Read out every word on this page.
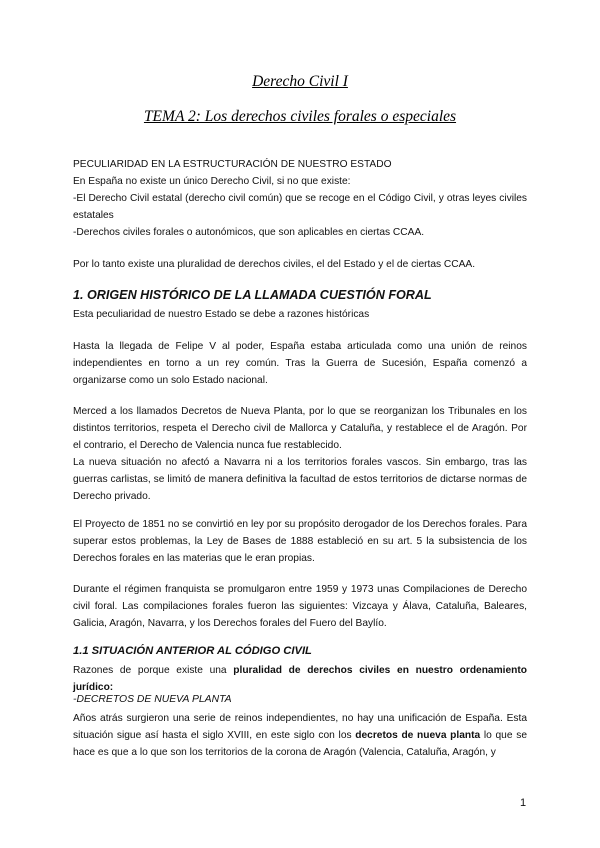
Derecho Civil I
TEMA 2: Los derechos civiles forales o especiales

PECULIARIDAD EN LA ESTRUCTURACIÓN DE NUESTRO ESTADO

En España no existe un único Derecho Civil, si no que existe:

-El Derecho Civil estatal (derecho civil común) que se recoge en el Código Civil, y otras leyes civiles estatales

-Derechos civiles forales o autonómicos, que son aplicables en ciertas CCAA.

Por lo tanto existe una pluralidad de derechos civiles, el del Estado y el de ciertas CCAA.

1. ORIGEN HISTÓRICO DE LA LLAMADA CUESTIÓN FORAL

Esta peculiaridad de nuestro Estado se debe a razones históricas

Hasta la llegada de Felipe V al poder, España estaba articulada como una unión de reinos independientes en torno a un rey común. Tras la Guerra de Sucesión, España comenzó a organizarse como un solo Estado nacional.

Merced a los llamados Decretos de Nueva Planta, por lo que se reorganizan los Tribunales en los distintos territorios, respeta el Derecho civil de Mallorca y Cataluña, y restablece el de Aragón. Por el contrario, el Derecho de Valencia nunca fue restablecido.

La nueva situación no afectó a Navarra ni a los territorios forales vascos. Sin embargo, tras las guerras carlistas, se limitó de manera definitiva la facultad de estos territorios de dictarse normas de Derecho privado.

El Proyecto de 1851 no se convirtió en ley por su propósito derogador de los Derechos forales. Para superar estos problemas, la Ley de Bases de 1888 estableció en su art. 5 la subsistencia de los Derechos forales en las materias que le eran propias.

Durante el régimen franquista se promulgaron entre 1959 y 1973 unas Compilaciones de Derecho civil foral. Las compilaciones forales fueron las siguientes: Vizcaya y Álava, Cataluña, Baleares, Galicia, Aragón, Navarra, y los Derechos forales del Fuero del Baylío.

1.1 SITUACIÓN ANTERIOR AL CÓDIGO CIVIL

Razones de porque existe una pluralidad de derechos civiles en nuestro ordenamiento jurídico:

-DECRETOS DE NUEVA PLANTA

Años atrás surgieron una serie de reinos independientes, no hay una unificación de España. Esta situación sigue así hasta el siglo XVIII, en este siglo con los decretos de nueva planta lo que se hace es que a lo que son los territorios de la corona de Aragón (Valencia, Cataluña, Aragón, y

1
